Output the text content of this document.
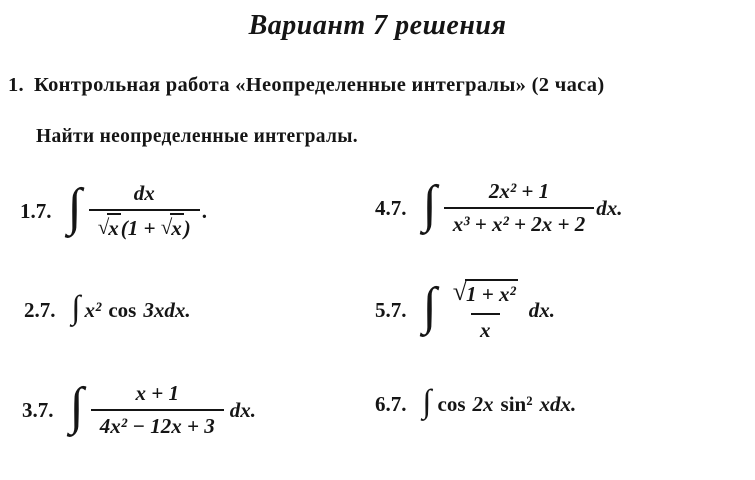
Вариант 7 решения
1. Контрольная работа «Неопределенные интегралы» (2 часа)
Найти неопределенные интегралы.
1.7. ∫ $\frac{dx}{√x(1 + √x)}$ .	4.7. ∫ $\frac{\text{2x² + 1}}{\text{x³ + x² + 2x + 2}}$ dx.
2.7. ∫ x² cos 3xdx.	5.7. ∫ $\frac{\text{√1 + x²}}{x}$ dx.
3.7. ∫ $\frac{x + 1}{\text{4x² − 12x + 3}}$ dx.	6.7. ∫ cos 2x sin² xdx.
